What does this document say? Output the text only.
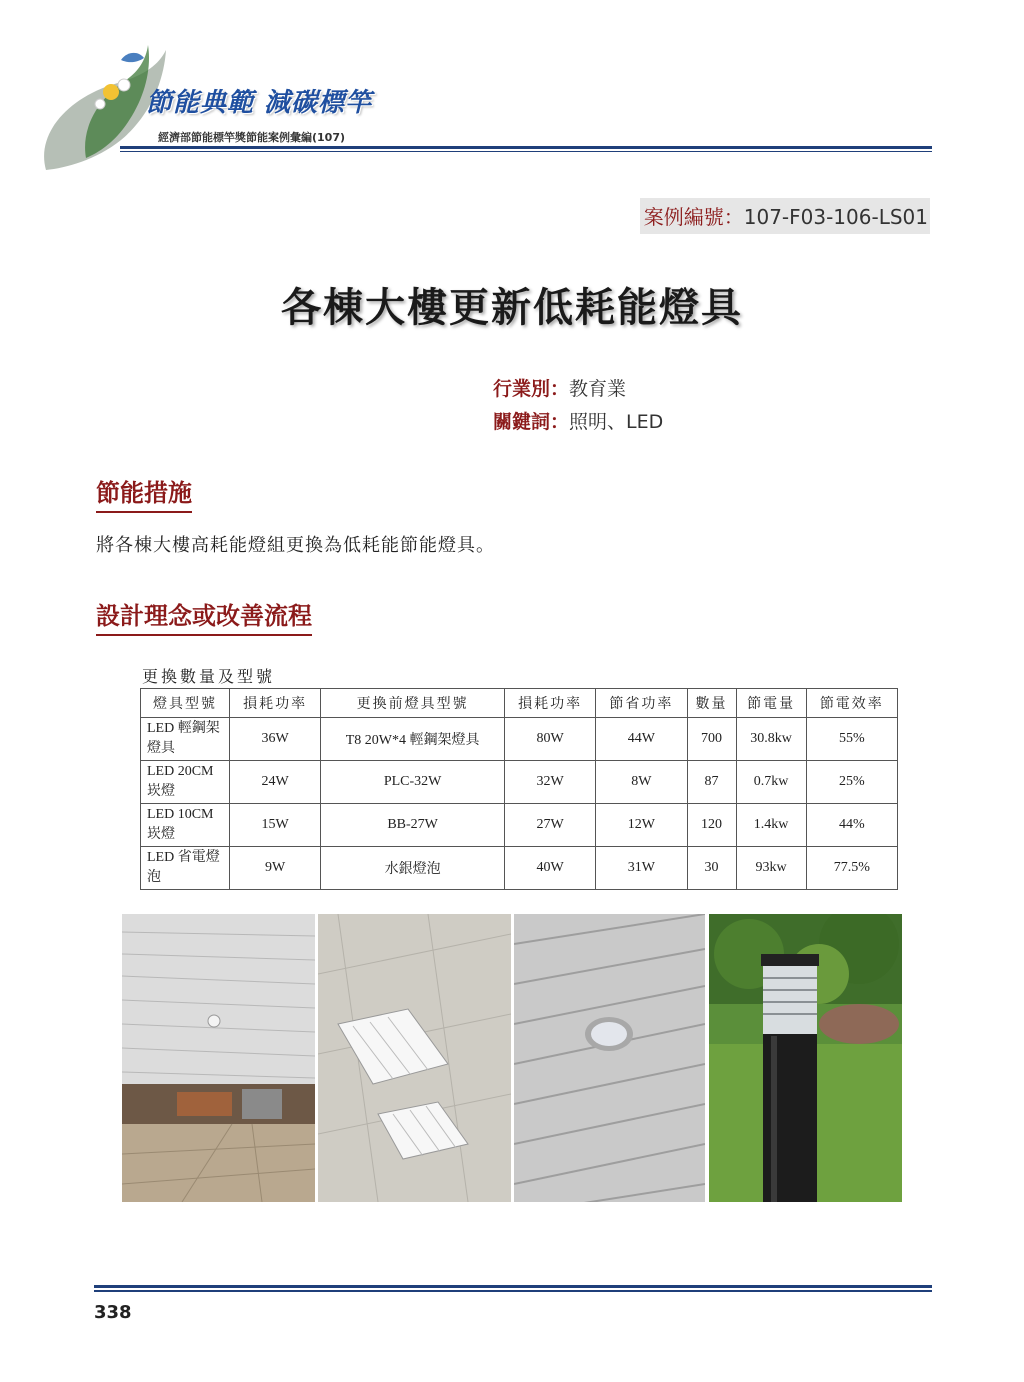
節能典範 減碳標竿
經濟部節能標竿獎節能案例彙編(107)
案例編號：107-F03-106-LS01
各棟大樓更新低耗能燈具
行業別：教育業
關鍵詞：照明、LED
節能措施
將各棟大樓高耗能燈組更換為低耗能節能燈具。
設計理念或改善流程
更換數量及型號
燈具型號	損耗功率	更換前燈具型號	損耗功率	節省功率	數量	節電量	節電效率
LED 輕鋼架燈具	36W	T8 20W*4 輕鋼架燈具	80W	44W	700	30.8kw	55%
LED 20CM 崁燈	24W	PLC-32W	32W	8W	87	0.7kw	25%
LED 10CM 崁燈	15W	BB-27W	27W	12W	120	1.4kw	44%
LED 省電燈泡	9W	水銀燈泡	40W	31W	30	93kw	77.5%
338
